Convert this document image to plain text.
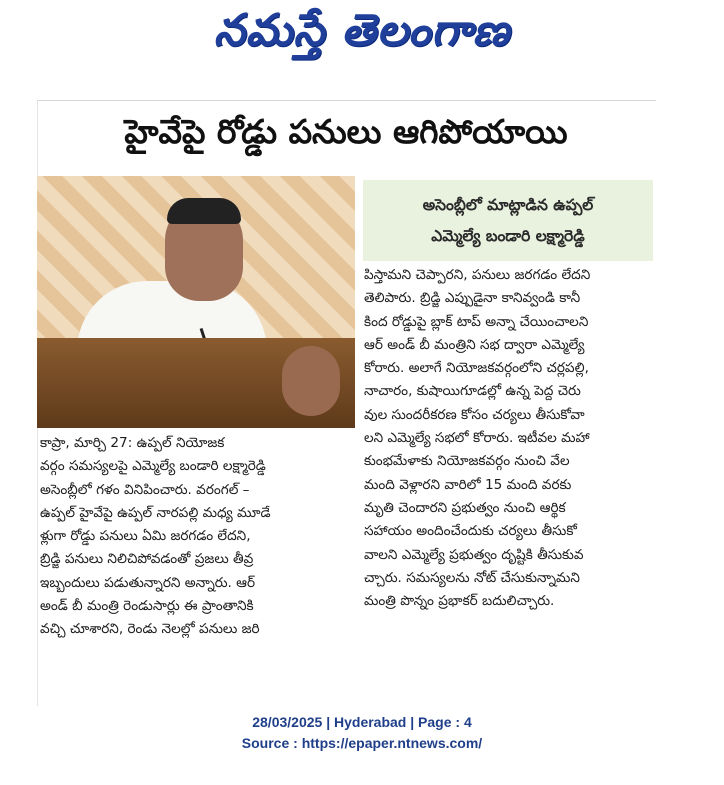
నమస్తే తెలంగాణ
హైవేపై రోడ్డు పనులు ఆగిపోయాయి
అసెంబ్లీలో మాట్లాడిన ఉప్పల్
ఎమ్మెల్యే బండారి లక్ష్మారెడ్డి
కాప్రా, మార్చి 27: ఉప్పల్ నియోజక
వర్గం సమస్యలపై ఎమ్మెల్యే బండారి లక్ష్మారెడ్డి
అసెంబ్లీలో గళం వినిపించారు. వరంగల్ –
ఉప్పల్ హైవేపై ఉప్పల్ నారపల్లి మధ్య మూడే
ళ్లుగా రోడ్డు పనులు ఏమి జరగడం లేదని,
బ్రిడ్జి పనులు నిలిచిపోవడంతో ప్రజలు తీవ్ర
ఇబ్బందులు పడుతున్నారని అన్నారు. ఆర్
అండ్ బీ మంత్రి రెండుసార్లు ఈ ప్రాంతానికి
వచ్చి చూశారని, రెండు నెలల్లో పనులు జరి
పిస్తామని చెప్పారని, పనులు జరగడం లేదని
తెలిపారు. బ్రిడ్జి ఎప్పుడైనా కానివ్వండి కానీ
కింద రోడ్డుపై బ్లాక్ టాప్ అన్నా చేయించాలని
ఆర్ అండ్ బీ మంత్రిని సభ ద్వారా ఎమ్మెల్యే
కోరారు. అలాగే నియోజకవర్గంలోని చర్లపల్లి,
నాచారం, కుషాయిగూడల్లో ఉన్న పెద్ద చెరు
వుల సుందరీకరణ కోసం చర్యలు తీసుకోవా
లని ఎమ్మెల్యే సభలో కోరారు. ఇటీవల మహా
కుంభమేళాకు నియోజకవర్గం నుంచి వేల
మంది వెళ్లారని వారిలో 15 మంది వరకు
మృతి చెందారని ప్రభుత్వం నుంచి ఆర్థిక
సహాయం అందించేందుకు చర్యలు తీసుకో
వాలని ఎమ్మెల్యే ప్రభుత్వం దృష్టికి తీసుకువ
చ్చారు. సమస్యలను నోట్ చేసుకున్నామని
మంత్రి పొన్నం ప్రభాకర్ బదులిచ్చారు.
28/03/2025 | Hyderabad | Page : 4
Source : https://epaper.ntnews.com/
